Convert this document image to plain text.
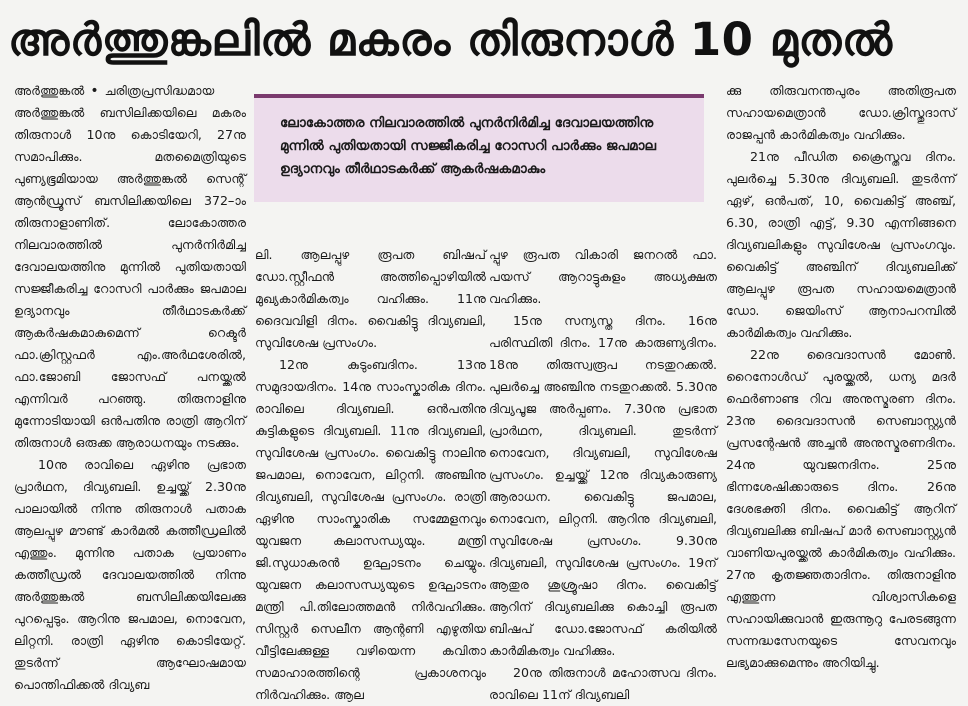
അർത്തുങ്കലിൽ മകരം തിരുനാൾ 10 മുതൽ
ലോകോത്തര നിലവാരത്തിൽ പുനർനിർമിച്ച ദേവാലയത്തിനു മുന്നിൽ പുതിയതായി സജ്ജീകരിച്ച റോസറി പാർക്കും ജപമാല ഉദ്യാനവും തീർഥാടകർക്ക് ആകർഷകമാകും

അർത്തുങ്കൽ • ചരിത്രപ്രസിദ്ധമായ അർത്തുങ്കൽ ബസിലിക്കയിലെ മകരം തിരുനാൾ 10നു കൊടിയേറി, 27നു സമാപിക്കും. മതമൈത്രിയുടെ പുണ്യഭൂമിയായ അർത്തുങ്കൽ സെന്റ് ആൻഡ്രൂസ് ബസിലിക്കയിലെ 372–ാം തിരുനാളാണിത്. ലോകോത്തര നിലവാരത്തിൽ പുനർനിർമിച്ച ദേവാലയത്തിനു മുന്നിൽ പുതിയതായി സജ്ജീകരിച്ച റോസറി പാർക്കും ജപമാല ഉദ്യാനവും തീർഥാടകർക്ക് ആകർഷകമാകുമെന്ന് റെക്ടർ ഫാ.ക്രിസ്റ്റഫർ എം.അർഥശേരിൽ, ഫാ.ജോബി ജോസഫ് പനയ്ക്കൽ എന്നിവർ പറഞ്ഞു. തിരുനാളിനു മുന്നോടിയായി ഒൻപതിനു രാത്രി ആറിന് തിരുനാൾ ഒരുക്ക ആരാധനയും നടക്കും.

10നു രാവിലെ ഏഴിനു പ്രഭാത പ്രാർഥന, ദിവ്യബലി. ഉച്ചയ്ക്ക് 2.30നു പാലായിൽ നിന്നു തിരുനാൾ പതാക ആലപ്പുഴ മൗണ്ട് കാർമൽ കത്തീഡ്രലിൽ എത്തും. മുന്നിനു പതാക പ്രയാണം കത്തീഡ്രൽ ദേവാലയത്തിൽ നിന്നു അർത്തുങ്കൽ ബസിലിക്കയിലേക്കു പുറപ്പെടും. ആറിനു ജപമാല, നൊവേന, ലിറ്റനി. രാത്രി ഏഴിനു കൊടിയേറ്റ്. തുടർന്ന് ആഘോഷമായ പൊന്തിഫിക്കൽ ദിവ്യബ

ലി. ആലപ്പുഴ രൂപത ബിഷപ് ഡോ.സ്റ്റീഫൻ അത്തിപ്പൊഴിയിൽ മുഖ്യകാർമികത്വം വഹിക്കും. 11നു ദൈവവിളി ദിനം. വൈകിട്ടു ദിവ്യബലി, സുവിശേഷ പ്രസംഗം.

12നു കുടുംബദിനം. 13നു സമുദായദിനം. 14നു സാംസ്കാരിക ദിനം. രാവിലെ ദിവ്യബലി. ഒൻപതിനു കുട്ടികളുടെ ദിവ്യബലി. 11നു ദിവ്യബലി, സുവിശേഷ പ്രസംഗം. വൈകിട്ടു നാലിനു ജപമാല, നൊവേന, ലിറ്റനി. അഞ്ചിനു ദിവ്യബലി, സുവിശേഷ പ്രസംഗം. രാത്രി ഏഴിനു സാംസ്കാരിക സമ്മേളനവും യുവജന കലാസന്ധ്യയും. മന്ത്രി ജി.സുധാകരൻ ഉദ്ഘാടനം ചെയ്യും. യുവജന കലാസന്ധ്യയുടെ ഉദ്ഘാടനം മന്ത്രി പി.തിലോത്തമൻ നിർവഹിക്കും. സിസ്റ്റർ സെലീന ആന്റണി എഴുതിയ വീട്ടിലേക്കുള്ള വഴിയെന്ന കവിതാ സമാഹാരത്തിന്റെ പ്രകാശനവും നിർവഹിക്കും. ആല

പ്പുഴ രൂപത വികാരി ജനറൽ ഫാ. പയസ് ആറാട്ടുകുളം അധ്യക്ഷത വഹിക്കും.

15നു സന്യസ്ത ദിനം. 16നു പരിസ്ഥിതി ദിനം. 17നു കാരുണ്യദിനം. 18നു തിരുസ്വരൂപ നടതുറക്കൽ. പുലർച്ചെ അഞ്ചിനു നടതുറക്കൽ. 5.30നു ദിവ്യപൂജ അർപ്പണം. 7.30നു പ്രഭാത പ്രാർഥന, ദിവ്യബലി. തുടർന്ന് നൊവേന, ദിവ്യബലി, സുവിശേഷ പ്രസംഗം. ഉച്ചയ്ക്ക് 12നു ദിവ്യകാരുണ്യ ആരാധന. വൈകിട്ടു ജപമാല, നൊവേന, ലിറ്റനി. ആറിനു ദിവ്യബലി, സുവിശേഷ പ്രസംഗം. 9.30നു ദിവ്യബലി, സുവിശേഷ പ്രസംഗം. 19ന് ആതുര ശുശ്രൂഷാ ദിനം. വൈകിട്ട് ആറിന് ദിവ്യബലിക്കു കൊച്ചി രൂപത ബിഷപ് ഡോ.ജോസഫ് കരിയിൽ കാർമികത്വം വഹിക്കും.

20നു തിരുനാൾ മഹോത്സവ ദിനം. രാവിലെ 11ന് ദിവ്യബലി

ക്കു തിരുവനന്തപുരം അതിരൂപത സഹായമെത്രാൻ ഡോ.ക്രിസ്തുദാസ് രാജപ്പൻ കാർമികത്വം വഹിക്കും.

21നു പീഡിത ക്രൈസ്തവ ദിനം. പുലർച്ചെ 5.30നു ദിവ്യബലി. തുടർന്ന് ഏഴ്, ഒൻപത്, 10, വൈകിട്ട് അഞ്ച്, 6.30, രാത്രി എട്ട്, 9.30 എന്നിങ്ങനെ ദിവ്യബലികളും സുവിശേഷ പ്രസംഗവും. വൈകിട്ട് അഞ്ചിന് ദിവ്യബലിക്ക് ആലപ്പുഴ രൂപത സഹായമെത്രാൻ ഡോ. ജെയിംസ് ആനാപറമ്പിൽ കാർമികത്വം വഹിക്കും.

22നു ദൈവദാസൻ മോൺ. റൈനോൾഡ് പുരയ്ക്കൽ, ധന്യ മദർ ഫെർണാണ്ട റിവ അനുസ്മരണ ദിനം. 23നു ദൈവദാസൻ സെബാസ്റ്റ്യൻ പ്രസന്റേഷൻ അച്ചൻ അനുസ്മരണദിനം. 24നു യുവജനദിനം. 25നു ഭിന്നശേഷിക്കാരുടെ ദിനം. 26നു ദേശഭക്തി ദിനം. വൈകിട്ട് ആറിന് ദിവ്യബലിക്കു ബിഷപ് മാർ സെബാസ്റ്റ്യൻ വാണിയപുരയ്ക്കൽ കാർമികത്വം വഹിക്കും. 27നു കൃതജ്ഞതാദിനം. തിരുനാളിനു എത്തുന്ന വിശ്വാസികളെ സഹായിക്കുവാൻ ഇരുന്നൂറു പേരടങ്ങുന്ന സന്നദ്ധസേനയുടെ സേവനവും ലഭ്യമാക്കുമെന്നും അറിയിച്ചു.
